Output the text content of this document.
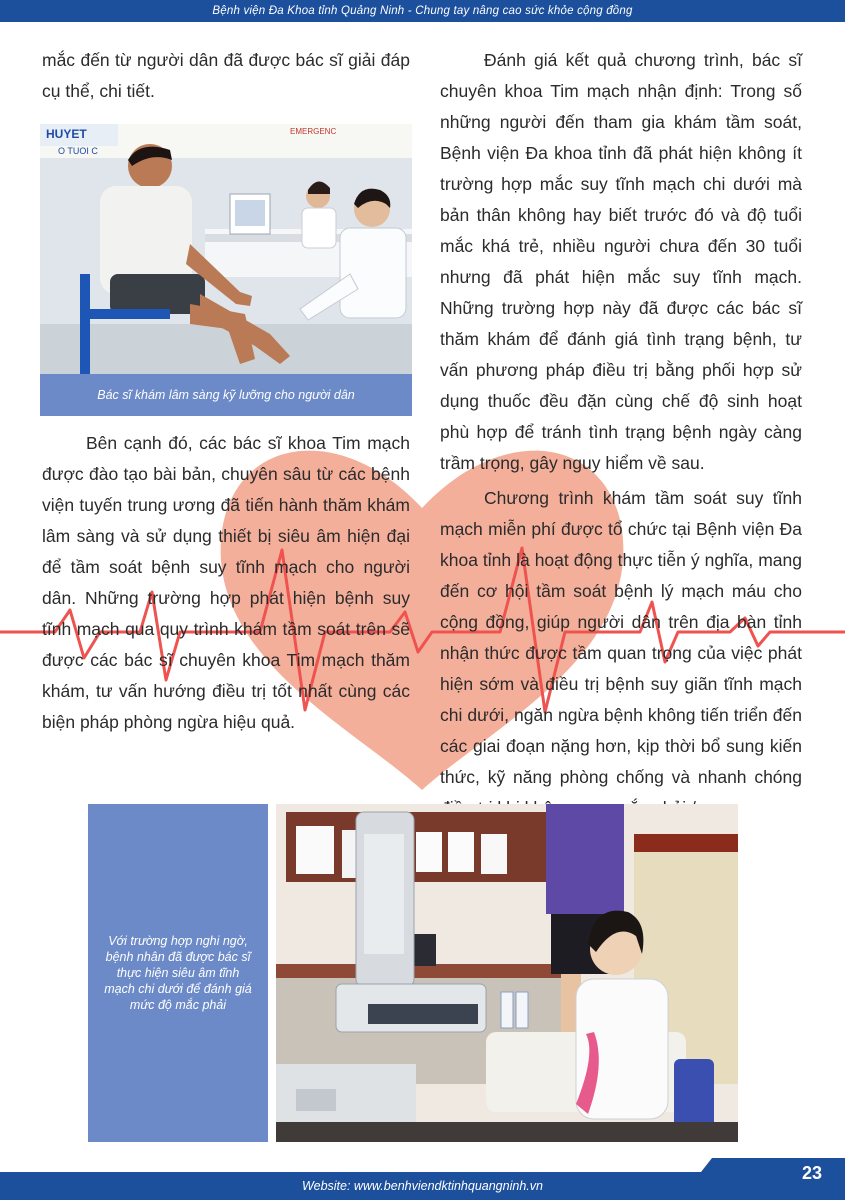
Bệnh viện Đa Khoa tỉnh Quảng Ninh - Chung tay nâng cao sức khỏe cộng đồng

mắc đến từ người dân đã được bác sĩ giải đáp cụ thể, chi tiết.

HUYET
O TUOI C
EMERGENC
Bác sĩ khám lâm sàng kỹ lưỡng cho người dân

Bên cạnh đó, các bác sĩ khoa Tim mạch được đào tạo bài bản, chuyên sâu từ các bệnh viện tuyến trung ương đã tiến hành thăm khám lâm sàng và sử dụng thiết bị siêu âm hiện đại để tầm soát bệnh suy tĩnh mạch cho người dân. Những trường hợp phát hiện bệnh suy tĩnh mạch qua quy trình khám tầm soát trên sẽ được các bác sĩ chuyên khoa Tim mạch thăm khám, tư vấn hướng điều trị tốt nhất cùng các biện pháp phòng ngừa hiệu quả.

Đánh giá kết quả chương trình, bác sĩ chuyên khoa Tim mạch nhận định: Trong số những người đến tham gia khám tầm soát, Bệnh viện Đa khoa tỉnh đã phát hiện không ít trường hợp mắc suy tĩnh mạch chi dưới mà bản thân không hay biết trước đó và độ tuổi mắc khá trẻ, nhiều người chưa đến 30 tuổi nhưng đã phát hiện mắc suy tĩnh mạch. Những trường hợp này đã được các bác sĩ thăm khám để đánh giá tình trạng bệnh, tư vấn phương pháp điều trị bằng phối hợp sử dụng thuốc đều đặn cùng chế độ sinh hoạt phù hợp để tránh tình trạng bệnh ngày càng trầm trọng, gây nguy hiểm về sau.

Chương trình khám tầm soát suy tĩnh mạch miễn phí được tổ chức tại Bệnh viện Đa khoa tỉnh là hoạt động thực tiễn ý nghĩa, mang đến cơ hội tầm soát bệnh lý mạch máu cho cộng đồng, giúp người dân trên địa bàn tỉnh nhận thức được tầm quan trọng của việc phát hiện sớm và điều trị bệnh suy giãn tĩnh mạch chi dưới, ngăn ngừa bệnh không tiến triển đến các giai đoạn nặng hơn, kịp thời bổ sung kiến thức, kỹ năng phòng chống và nhanh chóng

Với trường hợp nghi ngờ, bệnh nhân đã được bác sĩ thực hiện siêu âm tĩnh mạch chi dưới để đánh giá mức độ mắc phải
Website: www.benhviendktinhquangninh.vn
23
